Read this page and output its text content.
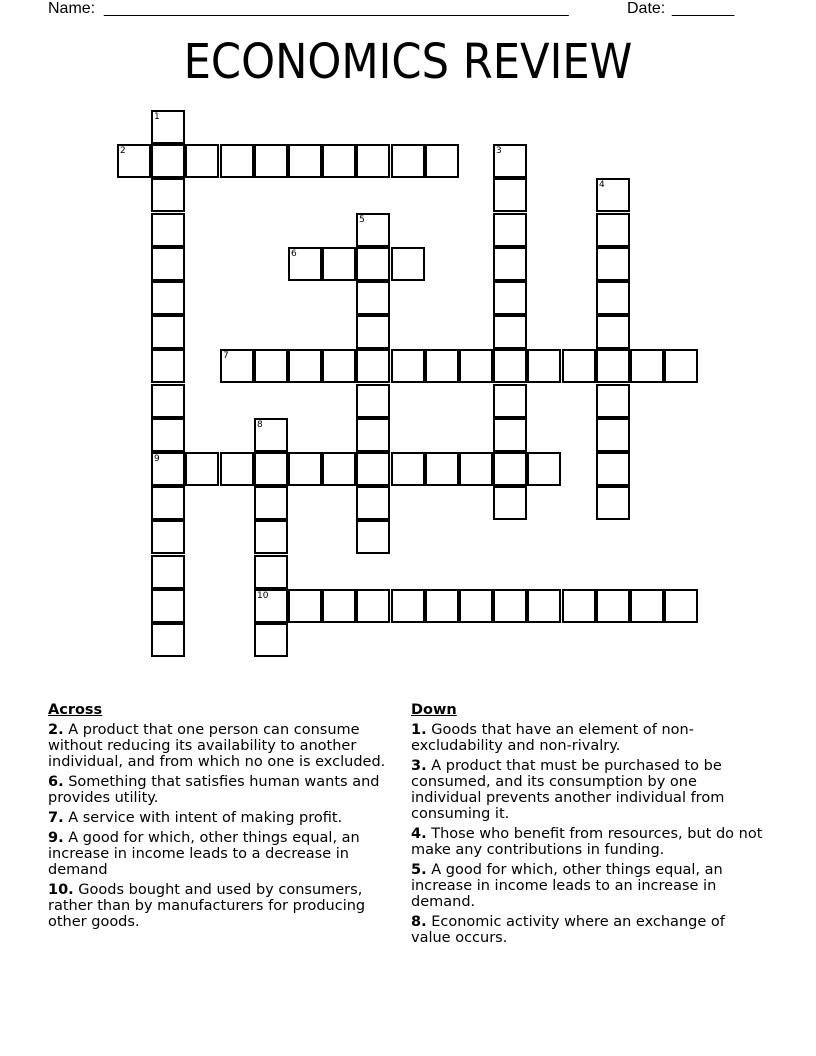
Name: ______________________________________________________	Date: _______
ECONOMICS REVIEW
1
9
2	3
4
5
6
7
8
10
Across
2. A product that one person can consume without reducing its availability to another individual, and from which no one is excluded.
6. Something that satisfies human wants and provides utility.
7. A service with intent of making profit.
9. A good for which, other things equal, an increase in income leads to a decrease in demand
10. Goods bought and used by consumers, rather than by manufacturers for producing other goods.
Down
1. Goods that have an element of non-excludability and non-rivalry.
3. A product that must be purchased to be consumed, and its consumption by one individual prevents another individual from consuming it.
4. Those who benefit from resources, but do not make any contributions in funding.
5. A good for which, other things equal, an increase in income leads to an increase in demand.
8. Economic activity where an exchange of value occurs.
